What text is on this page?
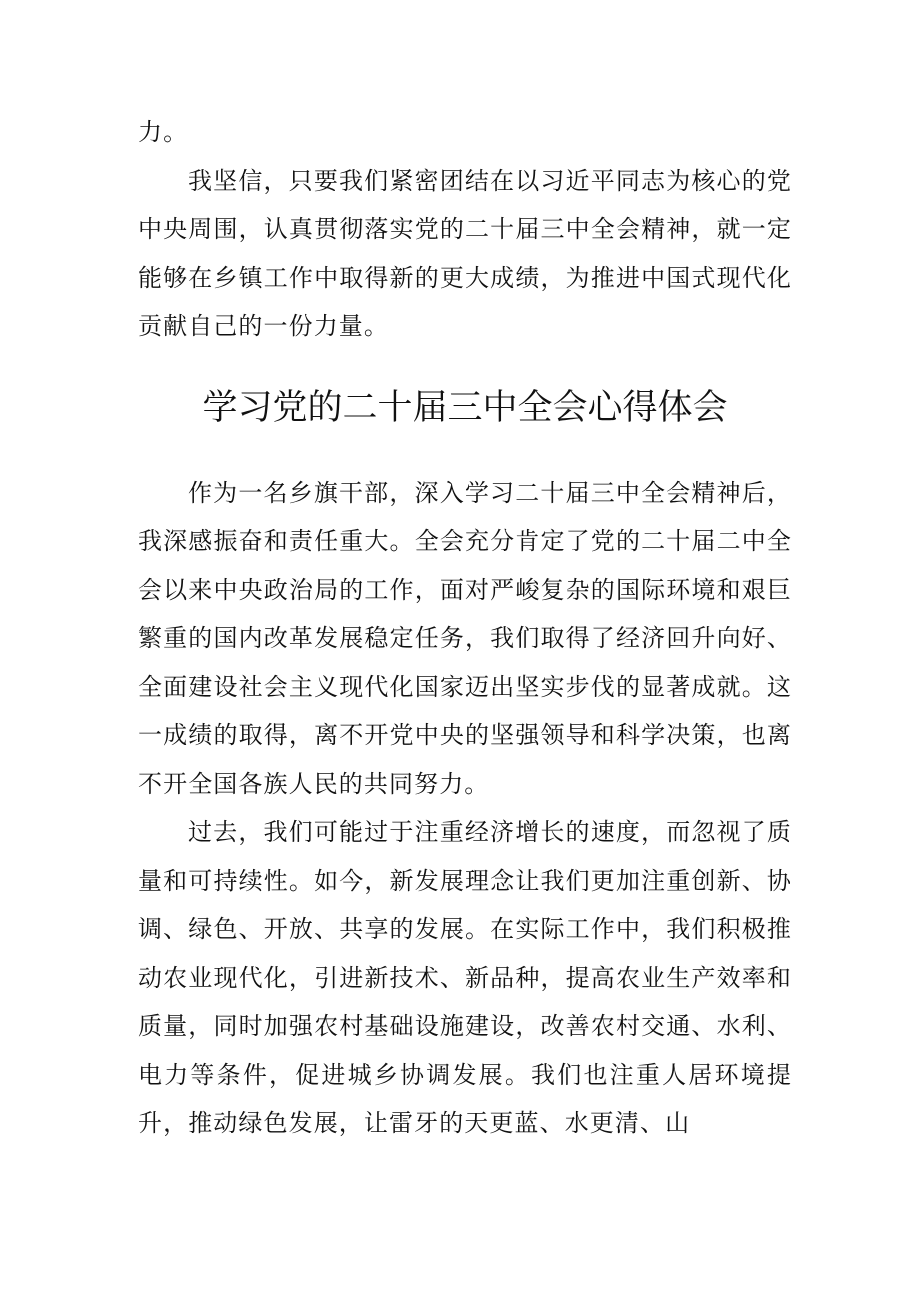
力。

我坚信，只要我们紧密团结在以习近平同志为核心的党中央周围，认真贯彻落实党的二十届三中全会精神，就一定能够在乡镇工作中取得新的更大成绩，为推进中国式现代化贡献自己的一份力量。

学习党的二十届三中全会心得体会

作为一名乡旗干部，深入学习二十届三中全会精神后，我深感振奋和责任重大。全会充分肯定了党的二十届二中全会以来中央政治局的工作，面对严峻复杂的国际环境和艰巨繁重的国内改革发展稳定任务，我们取得了经济回升向好、全面建设社会主义现代化国家迈出坚实步伐的显著成就。这一成绩的取得，离不开党中央的坚强领导和科学决策，也离不开全国各族人民的共同努力。

过去，我们可能过于注重经济增长的速度，而忽视了质量和可持续性。如今，新发展理念让我们更加注重创新、协调、绿色、开放、共享的发展。在实际工作中，我们积极推动农业现代化，引进新技术、新品种，提高农业生产效率和质量，同时加强农村基础设施建设，改善农村交通、水利、电力等条件，促进城乡协调发展。我们也注重人居环境提升，推动绿色发展，让雷牙的天更蓝、水更清、山
